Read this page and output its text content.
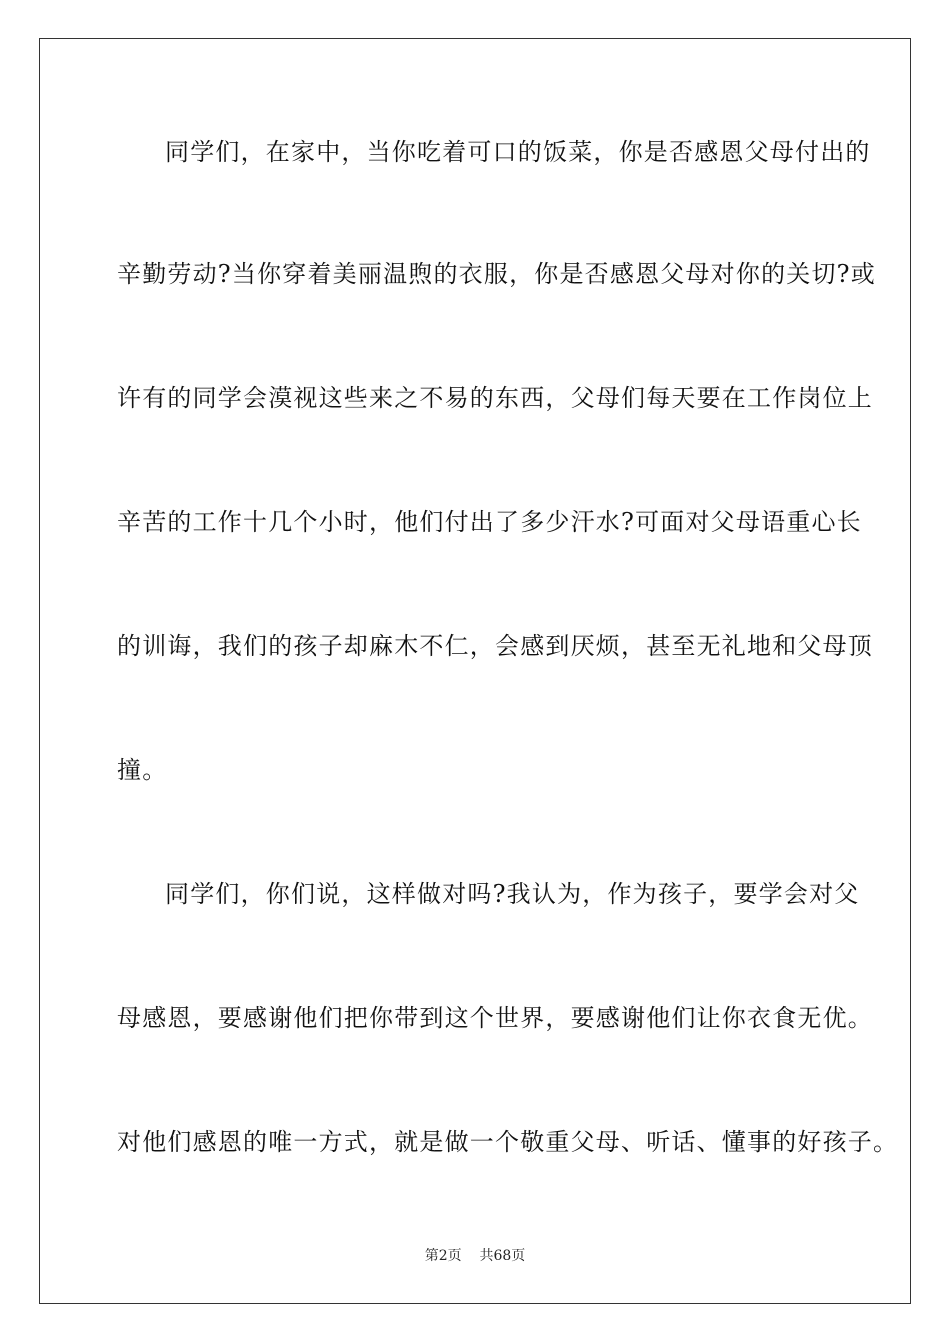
同学们，在家中，当你吃着可口的饭菜，你是否感恩父母付出的
辛勤劳动?当你穿着美丽温煦的衣服，你是否感恩父母对你的关切?或
许有的同学会漠视这些来之不易的东西，父母们每天要在工作岗位上
辛苦的工作十几个小时，他们付出了多少汗水?可面对父母语重心长
的训诲，我们的孩子却麻木不仁，会感到厌烦，甚至无礼地和父母顶
撞。
同学们，你们说，这样做对吗?我认为，作为孩子，要学会对父
母感恩，要感谢他们把你带到这个世界，要感谢他们让你衣食无优。
对他们感恩的唯一方式，就是做一个敬重父母、听话、懂事的好孩子。
第2页 共68页
